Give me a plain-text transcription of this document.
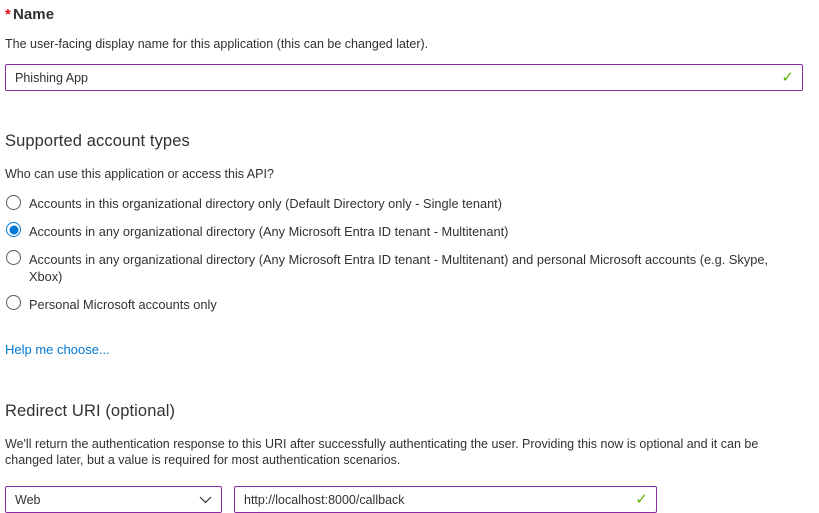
* Name

The user-facing display name for this application (this can be changed later).

Phishing App
✓
Supported account types

Who can use this application or access this API?

Accounts in this organizational directory only (Default Directory only - Single tenant)
Accounts in any organizational directory (Any Microsoft Entra ID tenant - Multitenant)
Accounts in any organizational directory (Any Microsoft Entra ID tenant - Multitenant) and personal Microsoft accounts (e.g. Skype, Xbox)
Personal Microsoft accounts only
Help me choose...
Redirect URI (optional)

We'll return the authentication response to this URI after successfully authenticating the user. Providing this now is optional and it can be changed later, but a value is required for most authentication scenarios.

Web
http://localhost:8000/callback	✓
